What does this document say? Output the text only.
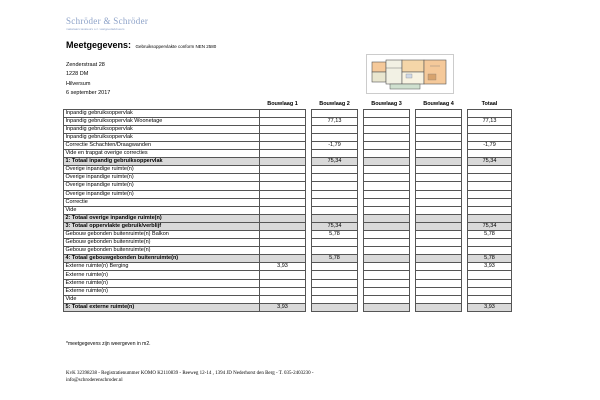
Schröder & Schröder
makelaars taxateurs o.z. vastgoedadviseurs
Meetgegevens: Gebruiksoppervlakte conform NEN 2580
Zenderstraat 28
1228 DM
Hilversum
6 september 2017
	Bouwlaag 1		Bouwlaag 2		Bouwlaag 3		Bouwlaag 4		Totaal
Inpandig gebruiksoppervlak									
Inpandig gebruiksoppervlak Woonetage			77,13						77,13
Inpandig gebruiksoppervlak									
Inpandig gebruiksoppervlak									
Correctie Schachten/Draagwanden			-1,79						-1,79
Vide en trapgat overige correcties									
1: Totaal inpandig gebruiksoppervlak			75,34						75,34
Overige inpandige ruimte(n)									
Overige inpandige ruimte(n)									
Overige inpandige ruimte(n)									
Overige inpandige ruimte(n)									
Correctie									
Vide									
2: Totaal overige inpandige ruimte(n)									
3: Totaal oppervlakte gebruik/verblijf			75,34						75,34
Gebouw gebonden buitenruimte(n) Balkon			5,78						5,78
Gebouw gebonden buitenruimte(n)									
Gebouw gebonden buitenruimte(n)									
4: Totaal gebouwgebonden buitenruimte(n)			5,78						5,78
Externe ruimte(n) Berging	3,93								3,93
Externe ruimte(n)									
Externe ruimte(n)									
Externe ruimte(n)									
Vide									
5: Totaal externe ruimte(n)	3,93								3,93
*meetgegevens zijn weergeven in m2.
KvK 32398238 - Registratienummer KOMO K2110839 - Reeweg 12-14 , 1394 JD Nederhorst den Berg - T. 035-2403230 -
info@schroderenschroder.nl
